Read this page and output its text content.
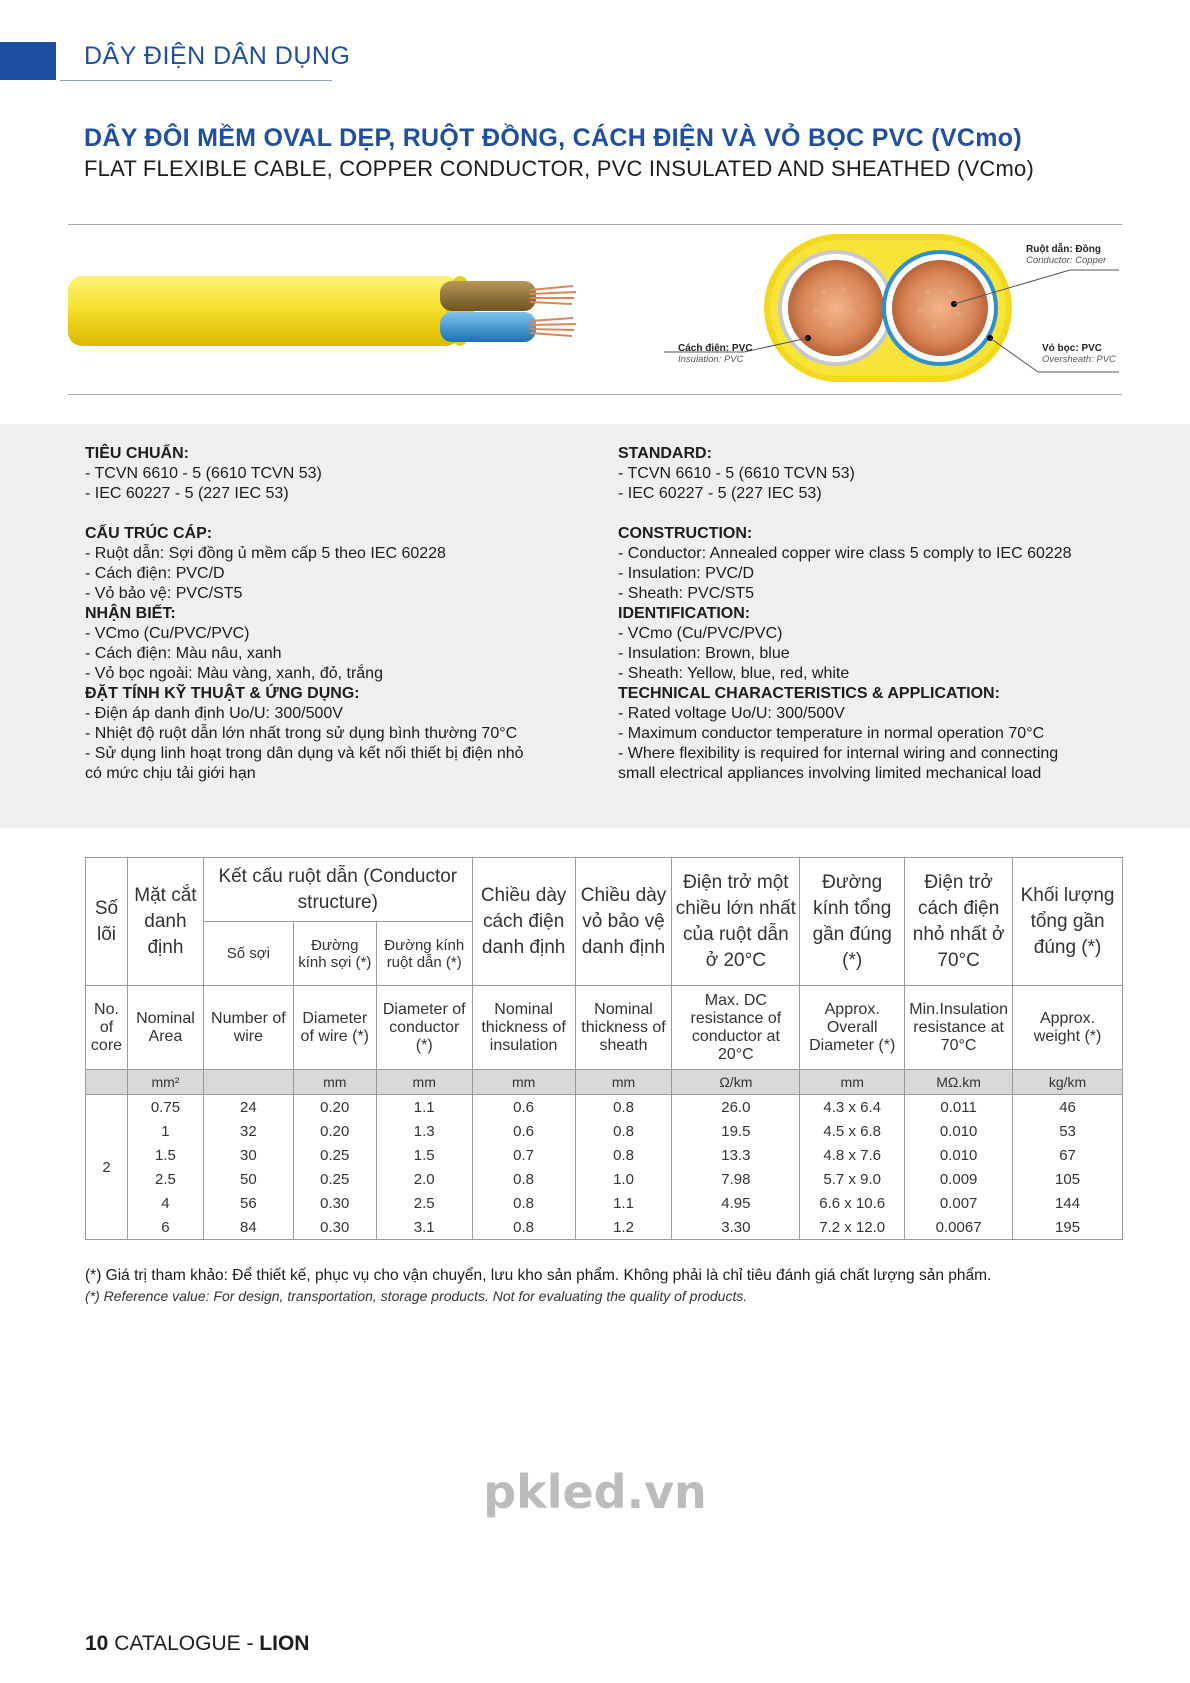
DÂY ĐIỆN DÂN DỤNG
DÂY ĐÔI MỀM OVAL DẸP, RUỘT ĐỒNG, CÁCH ĐIỆN VÀ VỎ BỌC PVC (VCmo)
FLAT FLEXIBLE CABLE, COPPER CONDUCTOR, PVC INSULATED AND SHEATHED (VCmo)
Ruột dẫn: Đồng
Conductor: Copper
Cách điện: PVC
Insulation: PVC
Vỏ bọc: PVC
Oversheath: PVC
TIÊU CHUẨN:
- TCVN 6610 - 5 (6610 TCVN 53)
- IEC 60227 - 5 (227 IEC 53)
CẤU TRÚC CÁP:
- Ruột dẫn: Sợi đồng ủ mềm cấp 5 theo IEC 60228
- Cách điện: PVC/D
- Vỏ bảo vệ: PVC/ST5
NHẬN BIẾT:
- VCmo (Cu/PVC/PVC)
- Cách điện: Màu nâu, xanh
- Vỏ bọc ngoài: Màu vàng, xanh, đỏ, trắng
ĐẶT TÍNH KỸ THUẬT & ỨNG DỤNG:
- Điện áp danh định Uo/U: 300/500V
- Nhiệt độ ruột dẫn lớn nhất trong sử dụng bình thường 70°C
- Sử dụng linh hoạt trong dân dụng và kết nối thiết bị điện nhỏ
có mức chịu tải giới hạn
STANDARD:
- TCVN 6610 - 5 (6610 TCVN 53)
- IEC 60227 - 5 (227 IEC 53)
CONSTRUCTION:
- Conductor: Annealed copper wire class 5 comply to IEC 60228
- Insulation: PVC/D
- Sheath: PVC/ST5
IDENTIFICATION:
- VCmo (Cu/PVC/PVC)
- Insulation: Brown, blue
- Sheath: Yellow, blue, red, white
TECHNICAL CHARACTERISTICS & APPLICATION:
- Rated voltage Uo/U: 300/500V
- Maximum conductor temperature in normal operation 70°C
- Where flexibility is required for internal wiring and connecting
small electrical appliances involving limited mechanical load
Số lõi	Mặt cắt danh định	Kết cấu ruột dẫn (Conductor structure)			Chiều dày cách điện danh định	Chiều dày vỏ bảo vệ danh định	Điện trở một chiều lớn nhất của ruột dẫn ở 20°C	Đường kính tổng gần đúng (*)	Điện trở cách điện nhỏ nhất ở 70°C	Khối lượng tổng gần đúng (*)
		Số sợi	Đường kính sợi (*)	Đường kính ruột dẫn (*)						
No. of core	Nominal Area	Number of wire	Diameter of wire (*)	Diameter of conductor (*)	Nominal thickness of insulation	Nominal thickness of sheath	Max. DC resistance of conductor at 20°C	Approx. Overall Diameter (*)	Min.Insulation resistance at 70°C	Approx. weight (*)
	mm²		mm	mm	mm	mm	Ω/km	mm	MΩ.km	kg/km
2	0.75	24	0.20	1.1	0.6	0.8	26.0	4.3 x 6.4	0.011	46
	1	32	0.20	1.3	0.6	0.8	19.5	4.5 x 6.8	0.010	53
	1.5	30	0.25	1.5	0.7	0.8	13.3	4.8 x 7.6	0.010	67
	2.5	50	0.25	2.0	0.8	1.0	7.98	5.7 x 9.0	0.009	105
	4	56	0.30	2.5	0.8	1.1	4.95	6.6 x 10.6	0.007	144
	6	84	0.30	3.1	0.8	1.2	3.30	7.2 x 12.0	0.0067	195
(*) Giá trị tham khảo: Để thiết kế, phục vụ cho vận chuyển, lưu kho sản phẩm. Không phải là chỉ tiêu đánh giá chất lượng sản phẩm.
(*) Reference value: For design, transportation, storage products. Not for evaluating the quality of products.
pkled.vn
10 CATALOGUE - LION
